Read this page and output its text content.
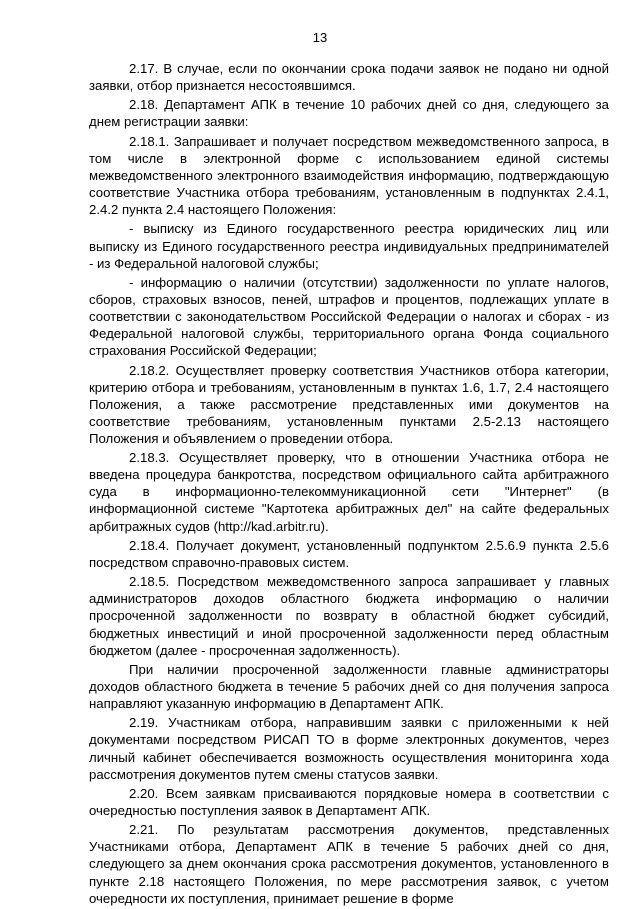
13

2.17. В случае, если по окончании срока подачи заявок не подано ни одной заявки, отбор признается несостоявшимся.

2.18. Департамент АПК в течение 10 рабочих дней со дня, следующего за днем регистрации заявки:

2.18.1. Запрашивает и получает посредством межведомственного запроса, в том числе в электронной форме с использованием единой системы межведомственного электронного взаимодействия информацию, подтверждающую соответствие Участника отбора требованиям, установленным в подпунктах 2.4.1, 2.4.2 пункта 2.4 настоящего Положения:

- выписку из Единого государственного реестра юридических лиц или выписку из Единого государственного реестра индивидуальных предпринимателей - из Федеральной налоговой службы;

- информацию о наличии (отсутствии) задолженности по уплате налогов, сборов, страховых взносов, пеней, штрафов и процентов, подлежащих уплате в соответствии с законодательством Российской Федерации о налогах и сборах - из Федеральной налоговой службы, территориального органа Фонда социального страхования Российской Федерации;

2.18.2. Осуществляет проверку соответствия Участников отбора категории, критерию отбора и требованиям, установленным в пунктах 1.6, 1.7, 2.4 настоящего Положения, а также рассмотрение представленных ими документов на соответствие требованиям, установленным пунктами 2.5-2.13 настоящего Положения и объявлением о проведении отбора.

2.18.3. Осуществляет проверку, что в отношении Участника отбора не введена процедура банкротства, посредством официального сайта арбитражного суда в информационно-телекоммуникационной сети "Интернет" (в информационной системе "Картотека арбитражных дел" на сайте федеральных арбитражных судов (http://kad.arbitr.ru).

2.18.4. Получает документ, установленный подпунктом 2.5.6.9 пункта 2.5.6 посредством справочно-правовых систем.

2.18.5. Посредством межведомственного запроса запрашивает у главных администраторов доходов областного бюджета информацию о наличии просроченной задолженности по возврату в областной бюджет субсидий, бюджетных инвестиций и иной просроченной задолженности перед областным бюджетом (далее - просроченная задолженность).

При наличии просроченной задолженности главные администраторы доходов областного бюджета в течение 5 рабочих дней со дня получения запроса направляют указанную информацию в Департамент АПК.

2.19. Участникам отбора, направившим заявки с приложенными к ней документами посредством РИСАП ТО в форме электронных документов, через личный кабинет обеспечивается возможность осуществления мониторинга хода рассмотрения документов путем смены статусов заявки.

2.20. Всем заявкам присваиваются порядковые номера в соответствии с очередностью поступления заявок в Департамент АПК.

2.21. По результатам рассмотрения документов, представленных Участниками отбора, Департамент АПК в течение 5 рабочих дней со дня, следующего за днем окончания срока рассмотрения документов, установленного в пункте 2.18 настоящего Положения, по мере рассмотрения заявок, с учетом очередности их поступления, принимает решение в форме
